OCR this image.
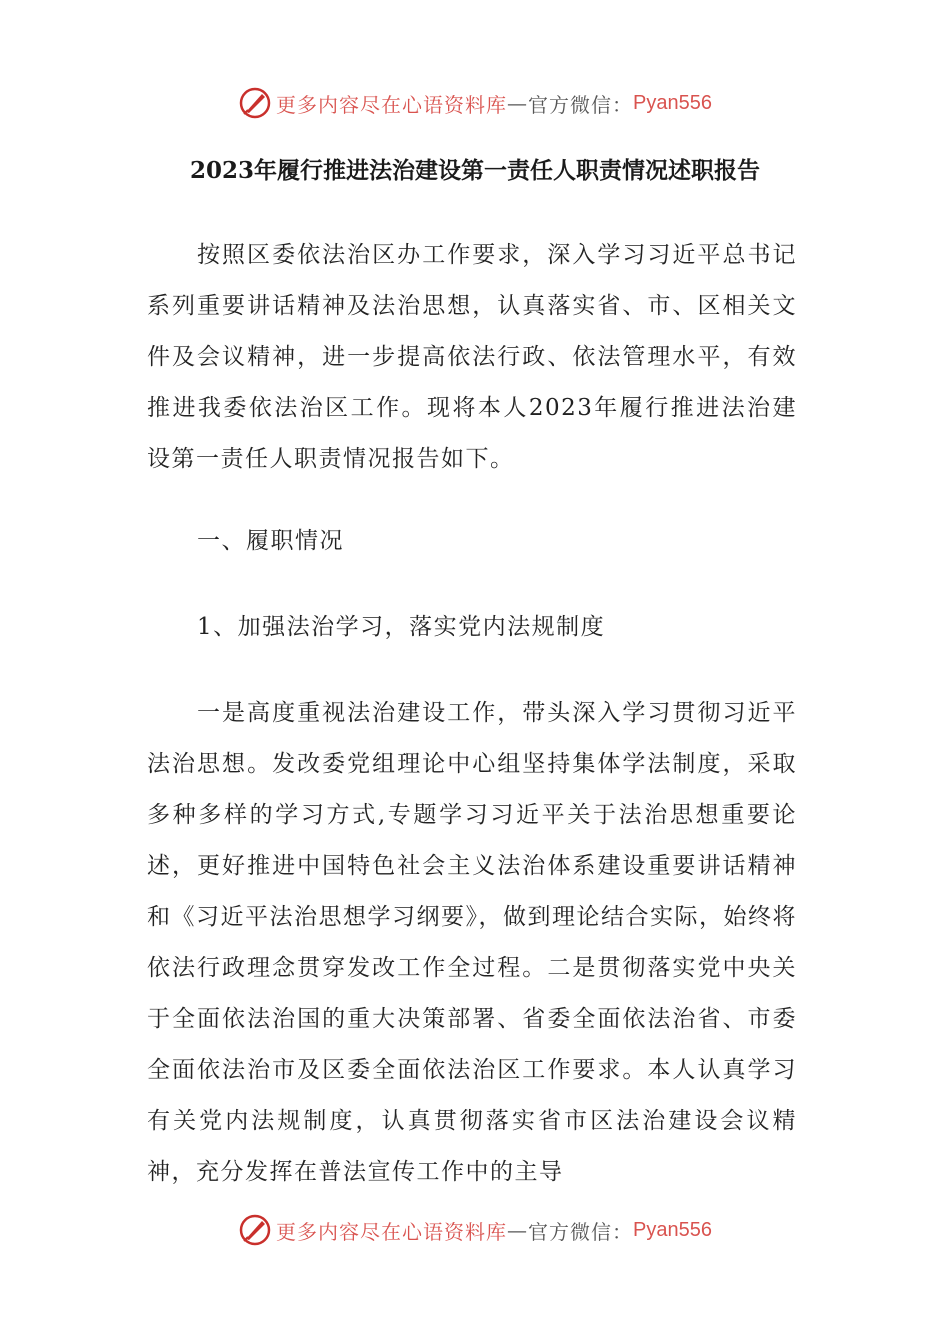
更多内容尽在心语资料库 — 官方微信： Pyan556
2023年履行推进法治建设第一责任人职责情况述职报告

按照区委依法治区办工作要求，深入学习习近平总书记系列重要讲话精神及法治思想，认真落实省、市、区相关文件及会议精神，进一步提高依法行政、依法管理水平，有效推进我委依法治区工作。现将本人2023年履行推进法治建设第一责任人职责情况报告如下。

一、履职情况

1、加强法治学习，落实党内法规制度

一是高度重视法治建设工作，带头深入学习贯彻习近平法治思想。发改委党组理论中心组坚持集体学法制度，采取多种多样的学习方式,专题学习习近平关于法治思想重要论述，更好推进中国特色社会主义法治体系建设重要讲话精神和《习近平法治思想学习纲要》，做到理论结合实际，始终将依法行政理念贯穿发改工作全过程。二是贯彻落实党中央关于全面依法治国的重大决策部署、省委全面依法治省、市委全面依法治市及区委全面依法治区工作要求。本人认真学习有关党内法规制度，认真贯彻落实省市区法治建设会议精神，充分发挥在普法宣传工作中的主导

更多内容尽在心语资料库 — 官方微信： Pyan556
